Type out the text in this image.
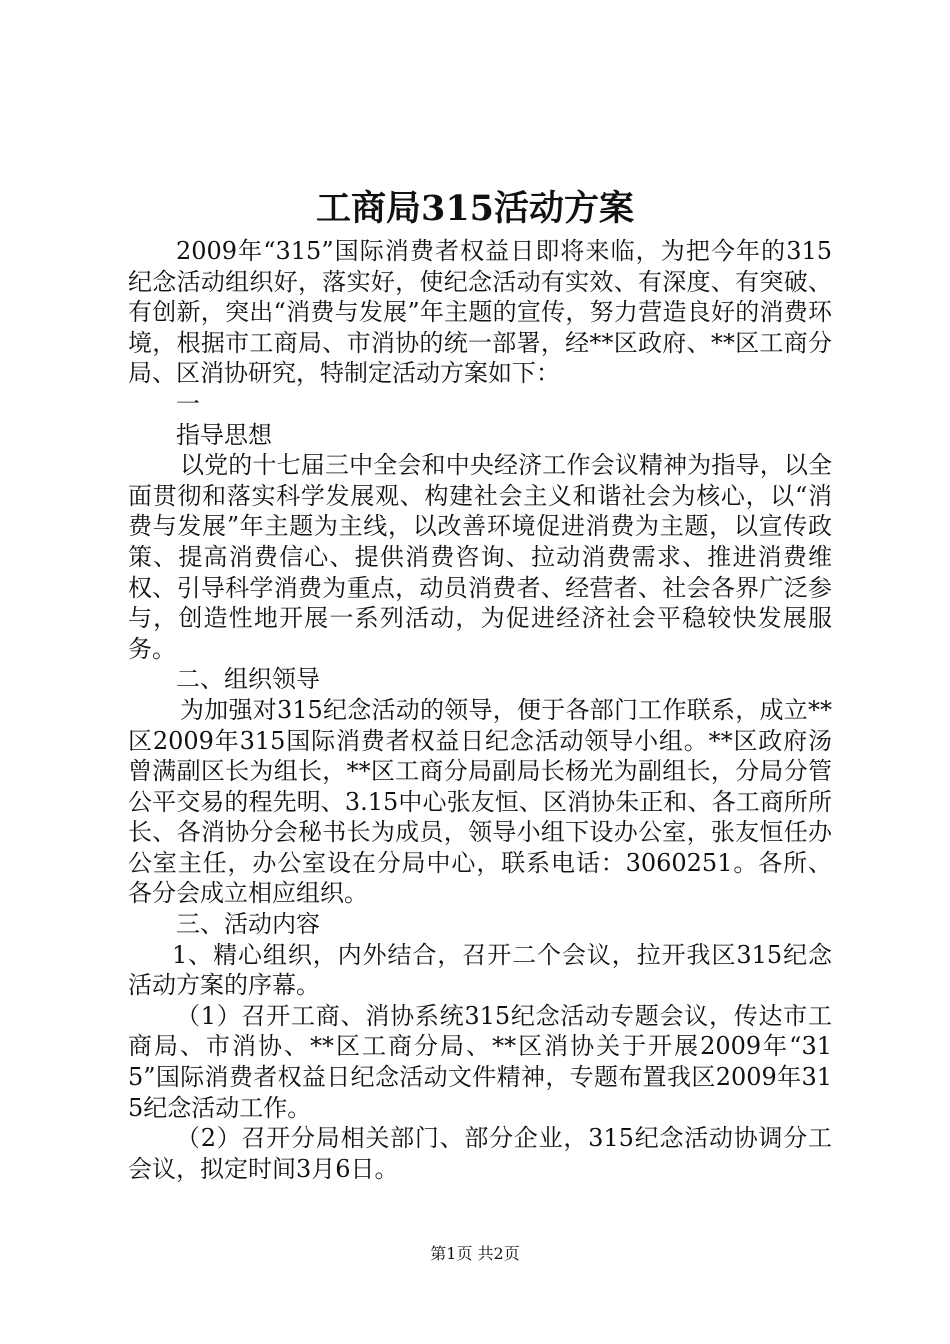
工商局315活动方案

2009年“315”国际消费者权益日即将来临，为把今年的315纪念活动组织好，落实好，使纪念活动有实效、有深度、有突破、有创新，突出“消费与发展”年主题的宣传，努力营造良好的消费环境，根据市工商局、市消协的统一部署，经**区政府、**区工商分局、区消协研究，特制定活动方案如下：

一

指导思想

以党的十七届三中全会和中央经济工作会议精神为指导，以全面贯彻和落实科学发展观、构建社会主义和谐社会为核心，以“消费与发展”年主题为主线，以改善环境促进消费为主题，以宣传政策、提高消费信心、提供消费咨询、拉动消费需求、推进消费维权、引导科学消费为重点，动员消费者、经营者、社会各界广泛参与，创造性地开展一系列活动，为促进经济社会平稳较快发展服务。

二、组织领导

为加强对315纪念活动的领导，便于各部门工作联系，成立**区2009年315国际消费者权益日纪念活动领导小组。**区政府汤曾满副区长为组长，**区工商分局副局长杨光为副组长，分局分管公平交易的程先明、3.15中心张友恒、区消协朱正和、各工商所所长、各消协分会秘书长为成员，领导小组下设办公室，张友恒任办公室主任，办公室设在分局中心，联系电话：3060251。各所、各分会成立相应组织。

三、活动内容

1、精心组织，内外结合，召开二个会议，拉开我区315纪念活动方案的序幕。

（1）召开工商、消协系统315纪念活动专题会议，传达市工商局、市消协、**区工商分局、**区消协关于开展2009年“315”国际消费者权益日纪念活动文件精神，专题布置我区2009年315纪念活动工作。

（2）召开分局相关部门、部分企业，315纪念活动协调分工会议，拟定时间3月6日。

第1页 共2页
